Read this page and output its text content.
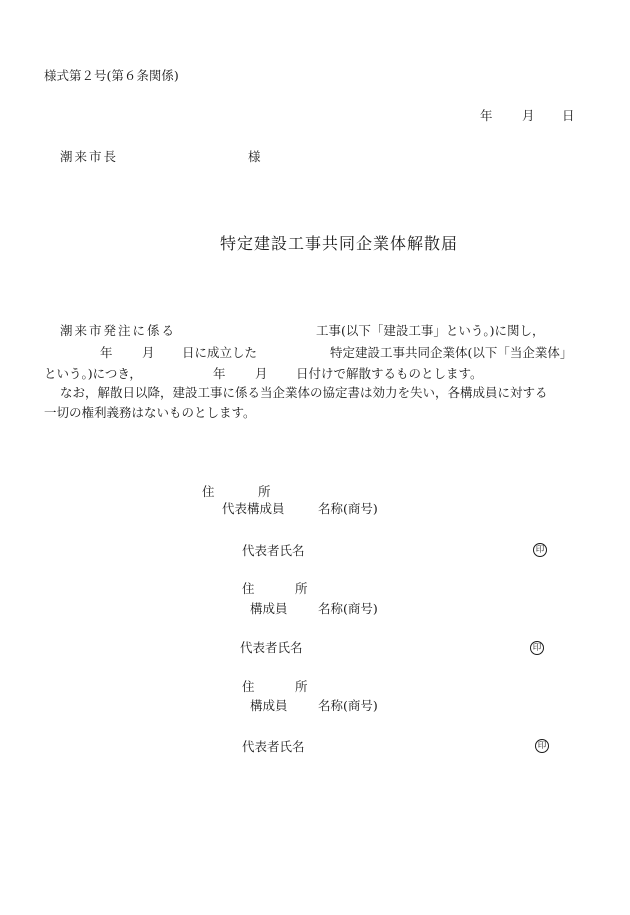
様式第２号(第６条関係)
年 月 日
潮来市長	様
特定建設工事共同企業体解散届
潮来市発注に係る	工事(以下「建設工事」という。)に関し，
年 月 日に成立した	特定建設工事共同企業体(以下「当企業体」
という。)につき，	年 月 日付けで解散するものとします。
なお，解散日以降，建設工事に係る当企業体の協定書は効力を失い，各構成員に対する
一切の権利義務はないものとします。
住	所
代表構成員	名称(商号)
代表者氏名	印
住	所
構成員 名称(商号)
代表者氏名	印
住	所
構成員 名称(商号)
代表者氏名	印
